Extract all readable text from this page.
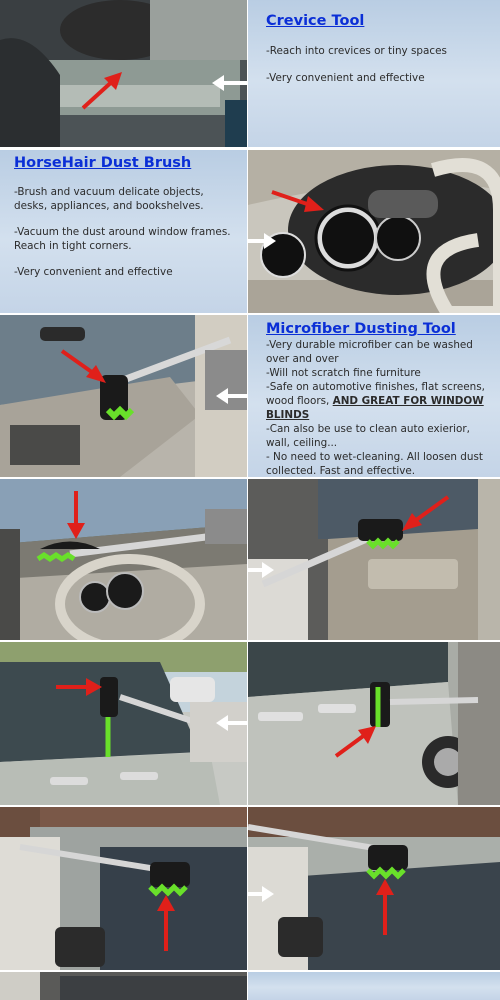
Crevice Tool

-Reach into crevices or tiny spaces

-Very convenient and effective

HorseHair Dust Brush

-Brush and vacuum delicate objects, desks, appliances, and bookshelves.

-Vacuum the dust around window frames. Reach in tight corners.

-Very convenient and effective

Microfiber Dusting Tool

-Very durable microfiber can be washed over and over

-Will not scratch fine furniture

-Safe on automotive finishes, flat screens, wood floors, AND GREAT FOR WINDOW BLINDS

-Can also be use to clean auto exierior, wall, ceiling...

- No need to wet-cleaning. All loosen dust collected. Fast and effective.
